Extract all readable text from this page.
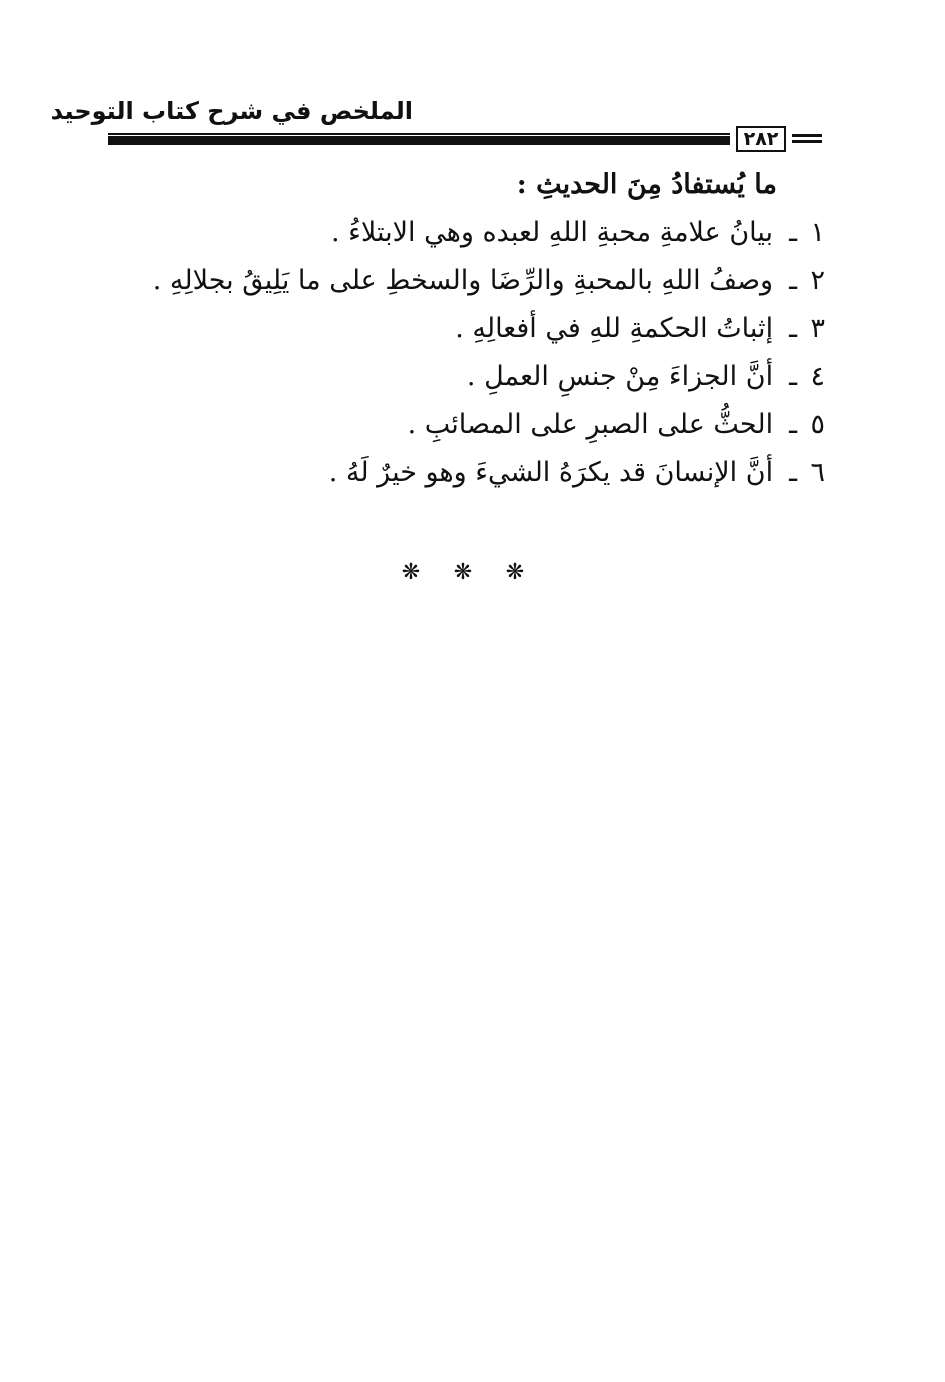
الملخص في شرح كتاب التوحيد
٢٨٢
ما يُستفادُ مِنَ الحديثِ :
١ـبيانُ علامةِ محبةِ اللهِ لعبده وهي الابتلاءُ .
٢ـوصفُ اللهِ بالمحبةِ والرِّضَا والسخطِ على ما يَلِيقُ بجلالِهِ .
٣ـإثباتُ الحكمةِ للهِ في أفعالِهِ .
٤ـأنَّ الجزاءَ مِنْ جنسِ العملِ .
٥ـالحثُّ على الصبرِ على المصائبِ .
٦ـأنَّ الإنسانَ قد يكرَهُ الشيءَ وهو خيرٌ لَهُ .
❋ ❋ ❋
